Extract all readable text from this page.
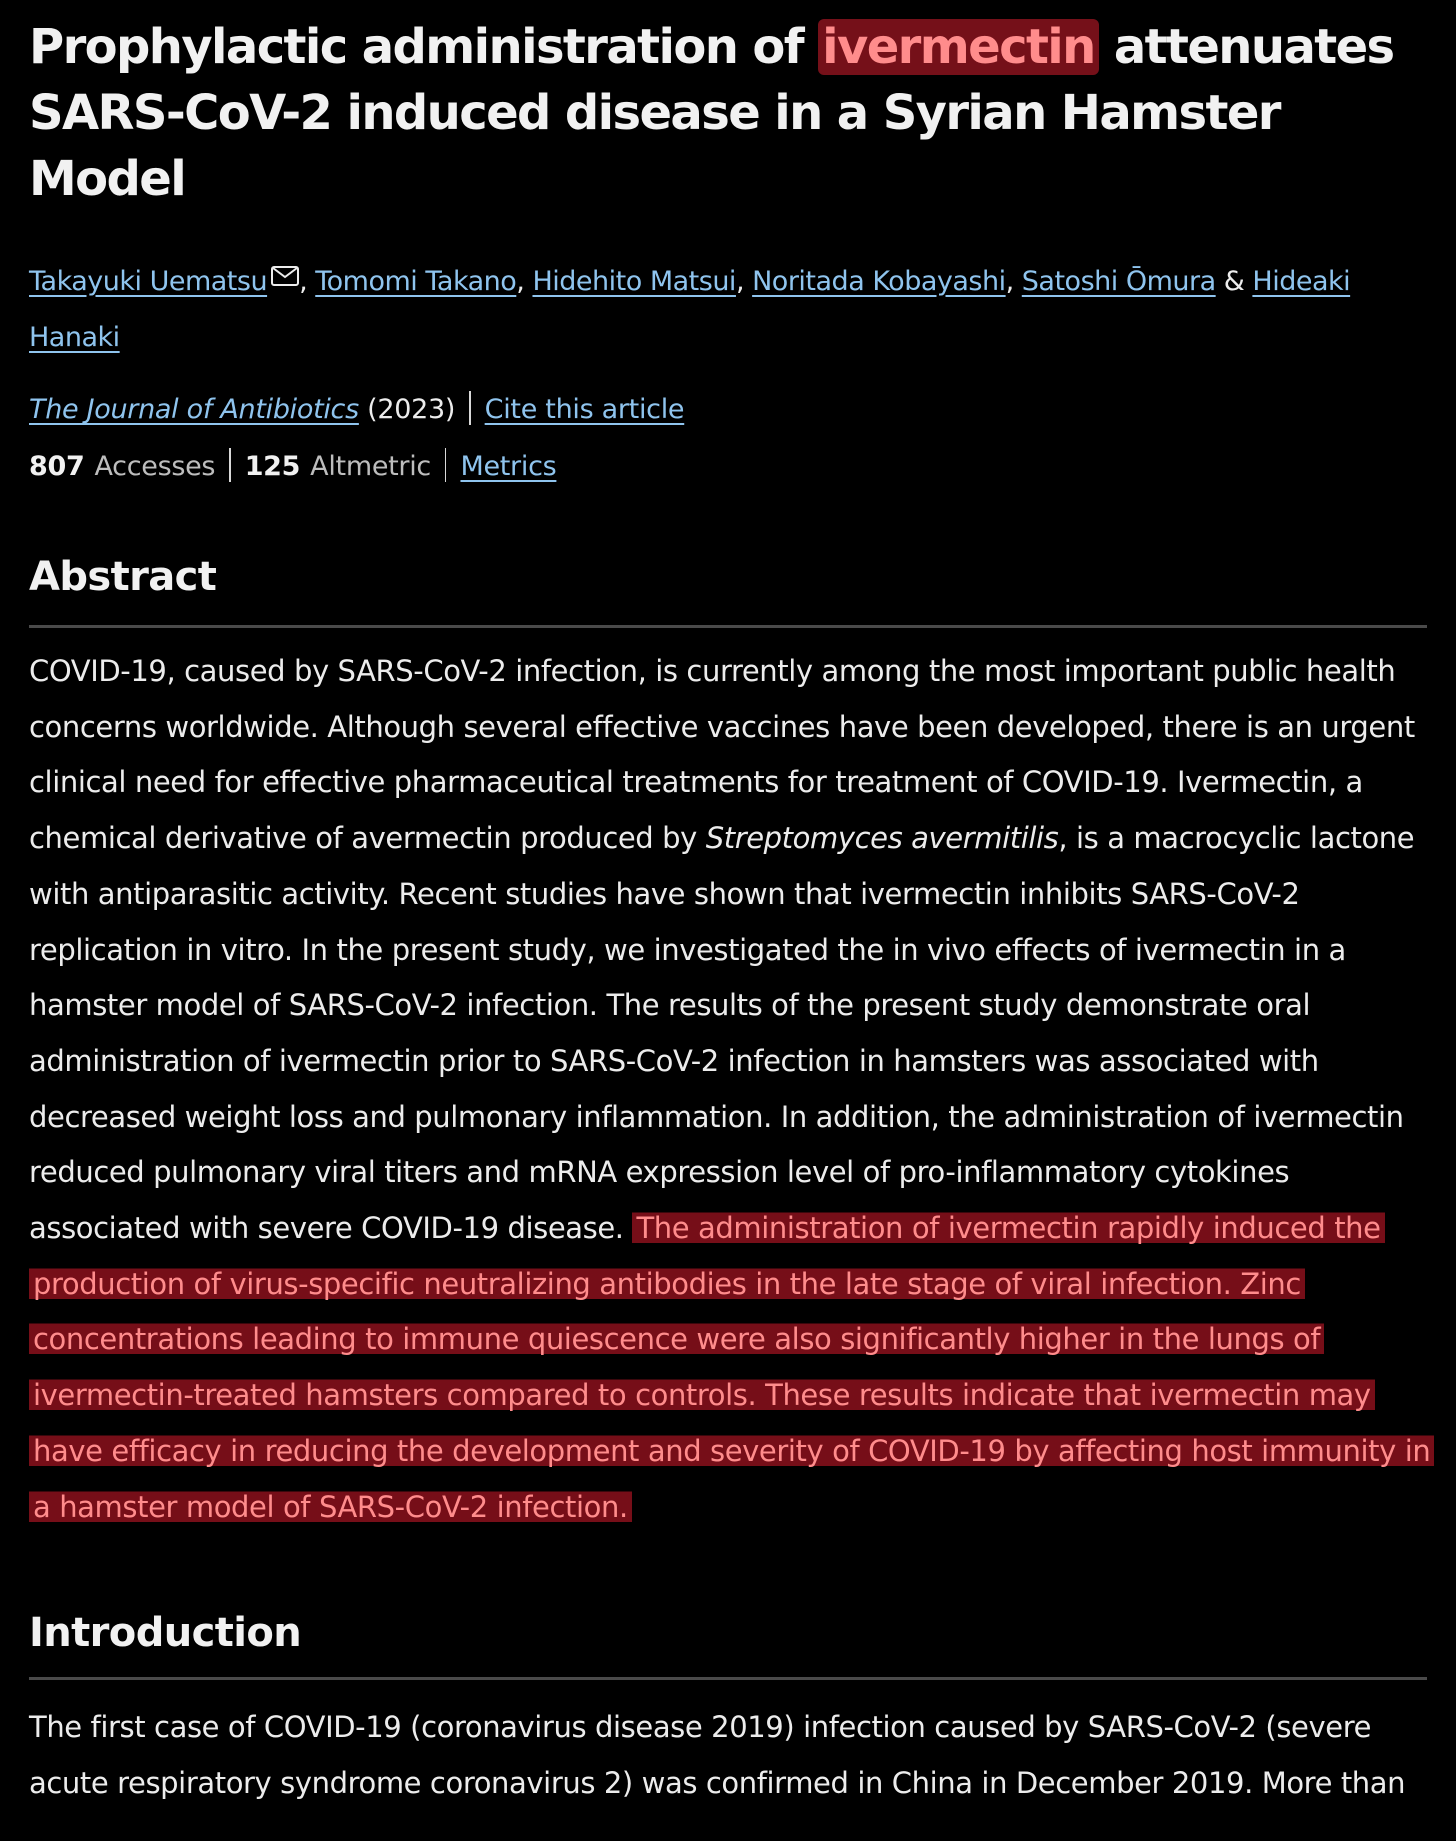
Prophylactic administration of ivermectin attenuates SARS-CoV-2 induced disease in a Syrian Hamster Model
Takayuki Uematsu , Tomomi Takano, Hidehito Matsui, Noritada Kobayashi, Satoshi Ōmura & Hideaki Hanaki
The Journal of Antibiotics (2023) Cite this article
807 Accesses 125 Altmetric Metrics
Abstract

COVID-19, caused by SARS-CoV-2 infection, is currently among the most important public health concerns worldwide. Although several effective vaccines have been developed, there is an urgent clinical need for effective pharmaceutical treatments for treatment of COVID-19. Ivermectin, a chemical derivative of avermectin produced by Streptomyces avermitilis, is a macrocyclic lactone with antiparasitic activity. Recent studies have shown that ivermectin inhibits SARS-CoV-2 replication in vitro. In the present study, we investigated the in vivo effects of ivermectin in a hamster model of SARS-CoV-2 infection. The results of the present study demonstrate oral administration of ivermectin prior to SARS-CoV-2 infection in hamsters was associated with decreased weight loss and pulmonary inflammation. In addition, the administration of ivermectin reduced pulmonary viral titers and mRNA expression level of pro-inflammatory cytokines associated with severe COVID-19 disease. The administration of ivermectin rapidly induced the production of virus-specific neutralizing antibodies in the late stage of viral infection. Zinc concentrations leading to immune quiescence were also significantly higher in the lungs of ivermectin-treated hamsters compared to controls. These results indicate that ivermectin may have efficacy in reducing the development and severity of COVID-19 by affecting host immunity in a hamster model of SARS-CoV-2 infection.

Introduction

The first case of COVID-19 (coronavirus disease 2019) infection caused by SARS-CoV-2 (severe acute respiratory syndrome coronavirus 2) was confirmed in China in December 2019. More than
